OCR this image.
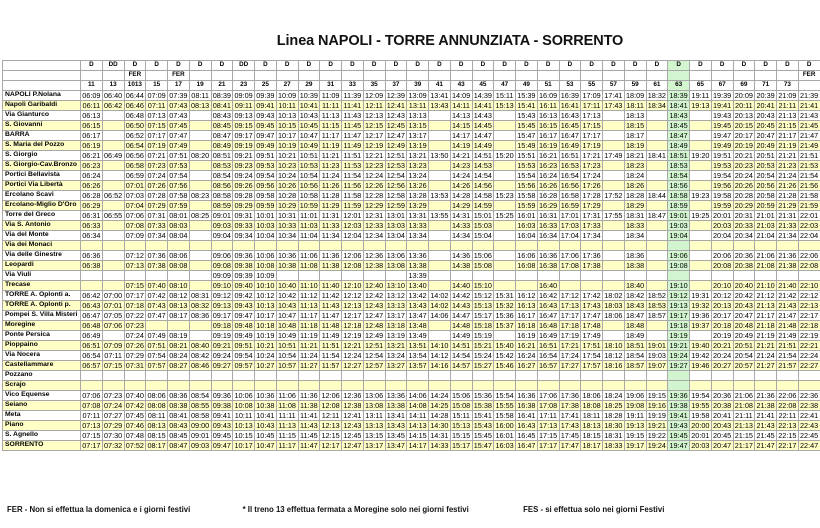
Linea NAPOLI - TORRE ANNUNZIATA - SORRENTO
	D	DD	D	D	D	D	D	DD	D	D	D	D	D	D	D	D	D	D	D	D	D	D	D	D	D	D	D	D	D	D	D	D	D	D
			FER		FER																													FER
	11	13	1013	15	17	19	21	23	25	27	29	31	33	35	37	39	41	43	45	47	49	51	53	55	57	59	61	63	65	67	69	71	73	
NAPOLI P.Nolana	06:09	06:40	06:44	07:09	07:39	08:11	08:39	09:09	09:39	10:09	10:39	11:09	11:39	12:09	12:39	13:09	13:41	14:09	14:39	15:11	15:39	16:09	16:39	17:09	17:41	18:09	18:32	18:39	19:11	19:39	20:09	20:39	21:09	21:39
Napoli Garibaldi	06:11	06:42	06:46	07:11	07:43	08:13	08:41	09:11	09:41	10:11	10:41	11:11	11:41	12:11	12:41	13:11	13:43	14:11	14:41	15:13	15:41	16:11	16:41	17:11	17:43	18:11	18:34	18:41	19:13	19:41	20:11	20:41	21:11	21:41
Via Gianturco	06:13		06:48	07:13	07:43		08:43	09:13	09:43	10:13	10:43	11:13	11:43	12:13	12:43	13:13		14:13	14:43		15:43	16:13	16:43	17:13		18:13		18:43		19:43	20:13	20:43	21:13	21:43
S. Giovanni	06:15		06:50	07:15	07:45		08:45	09:15	09:45	10:15	10:45	11:15	11:45	12:15	12:45	13:15		14:15	14:45		15:45	16:15	16:45	17:15		18:15		18:45		19:45	20:15	20:45	21:15	21:45
BARRA	06:17		06:52	07:17	07:47		08:47	09:17	09:47	10:17	10:47	11:17	11:47	12:17	12:47	13:17		14:17	14:47		15:47	16:17	16:47	17:17		18:17		18:47		19:47	20:17	20:47	21:17	21:47
S. Maria del Pozzo	06:19		06:54	07:19	07:49		08:49	09:19	09:49	10:19	10:49	11:19	11:49	12:19	12:49	13:19		14:19	14:49		15:49	16:19	16:49	17:19		18:19		18:49		19:49	20:19	20:49	21:19	21:49
S. Giorgio	06:21	06:49	06:56	07:21	07:51	08:20	08:51	09:21	09:51	10:21	10:51	11:21	11:51	12:21	12:51	13:21	13:50	14:21	14:51	15:20	15:51	16:21	16:51	17:21	17:49	18:21	18:41	18:51	19:20	19:51	20:21	20:51	21:21	21:51
S. Giorgio-Cav.Bronzo	06:23		06:58	07:23	07:53		08:53	09:23	09:53	10:23	10:53	11:23	11:53	12:23	12:53	13:23		14:23	14:53		15:53	16:23	16:53	17:23		18:23		18:53		19:53	20:23	20:53	21:23	21:53
Portici Bellavista	06:24		06:59	07:24	07:54		08:54	09:24	09:54	10:24	10:54	11:24	11:54	12:24	12:54	13:24		14:24	14:54		15:54	16:24	16:54	17:24		18:24		18:54		19:54	20:24	20:54	21:24	21:54
Portici Via Libertà	06:26		07:01	07:26	07:56		08:56	09:26	09:56	10:26	10:56	11:26	11:56	12:26	12:56	13:26		14:26	14:56		15:56	16:26	16:56	17:26		18:26		18:56		19:56	20:26	20:56	21:26	21:56
Ercolano Scavi	06:28	06:52	07:03	07:28	07:58	08:23	08:58	09:28	09:58	10:28	10:58	11:28	11:58	12:28	12:58	13:28	13:53	14:28	14:58	15:23	15:58	16:28	16:58	17:28	17:52	18:28	18:44	18:58	19:23	19:58	20:28	20:58	21:28	21:58
Ercolano-Miglio D'Oro	06:29		07:04	07:29	07:59		08:59	09:29	09:59	10:29	10:59	11:29	11:59	12:29	12:59	13:29		14:29	14:59		15:59	16:29	16:59	17:29		18:29		18:59		19:59	20:29	20:59	21:29	21:59
Torre del Greco	06:31	06:55	07:06	07:31	08:01	08:25	09:01	09:31	10:01	10:31	11:01	11:31	12:01	12:31	13:01	13:31	13:55	14:31	15:01	15:25	16:01	16:31	17:01	17:31	17:55	18:31	18:47	19:01	19:25	20:01	20:31	21:01	21:31	22:01
Via S. Antonio	06:33		07:08	07:33	08:03		09:03	09:33	10:03	10:33	11:03	11:33	12:03	12:33	13:03	13:33		14:33	15:03		16:03	16:33	17:03	17:33		18:33		19:03		20:03	20:33	21:03	21:33	22:03
Via del Monte	06:34		07:09	07:34	08:04		09:04	09:34	10:04	10:34	11:04	11:34	12:04	12:34	13:04	13:34		14:34	15:04		16:04	16:34	17:04	17:34		18:34		19:04		20:04	20:34	21:04	21:34	22:04
Via dei Monaci																																		
Via delle Ginestre	06:36		07:12	07:36	08:06		09:06	09:36	10:06	10:36	11:06	11:36	12:06	12:36	13:06	13:36		14:36	15:06		16:06	16:36	17:06	17:36		18:36		19:06		20:06	20:36	21:06	21:36	22:06
Leopardi	06:38		07:13	07:38	08:08		09:08	09:38	10:08	10:38	11:08	11:38	12:08	12:38	13:08	13:38		14:38	15:08		16:08	16:38	17:08	17:38		18:38		19:08		20:08	20:38	21:08	21:38	22:08
Via Viuli							09:09	09:39	10:09							13:39																		
Trecase			07:15	07:40	08:10		09:10	09:40	10:10	10:40	11:10	11:40	12:10	12:40	13:10	13:40		14:40	15:10			16:40				18:40		19:10		20:10	20:40	21:10	21:40	22:10
TORRE A. Oplonti a.	06:42	07:00	07:17	07:42	08:12	08:31	09:12	09:42	10:12	10:42	11:12	11:42	12:12	12:42	13:12	13:42	14:02	14:42	15:12	15:31	16:12	16:42	17:12	17:42	18:02	18:42	18:52	19:12	19:31	20:12	20:42	21:12	21:42	22:12
TORRE A. Oplonti p.	06:43	07:01	07:18	07:43	08:13	08:32	09:13	09:43	10:13	10:43	11:13	11:43	12:13	12:43	13:13	13:43	14:02	14:43	15:13	15:32	16:13	16:43	17:13	17:43	18:03	18:43	18:53	19:13	19:32	20:13	20:43	21:13	21:43	22:13
Pompei S. Villa Misteri	06:47	07:05	07:22	07:47	08:17	08:36	09:17	09:47	10:17	10:47	11:17	11:47	12:17	12:47	13:17	13:47	14:06	14:47	15:17	15:36	16:17	16:47	17:17	17:47	18:06	18:47	18:57	19:17	19:36	20:17	20:47	21:17	21:47	22:17
Moregine	06:48	07:06	07:23				09:18	09:48	10:18	10:48	11:18	11:48	12:18	12:48	13:18	13:48		14:48	15:18	15:37	16:18	16:48	17:18	17:48		18:48		19:18	19:37	20:18	20:48	21:18	21:48	22:18
Ponte Persica	06:49		07:24	07:49	08:19		09:19	09:49	10:19	10:49	11:19	11:49	12:19	12:49	13:19	13:49		14:49	15:19		16:19	16:49	17:19	17:49		18:49		19:19		20:19	20:49	21:19	21:49	22:19
Pioppaino	06:51	07:09	07:26	07:51	08:21	08:40	09:21	09:51	10:21	10:51	11:21	11:51	12:21	12:51	13:21	13:51	14:10	14:51	15:21	15:40	16:21	16:51	17:21	17:51	18:10	18:51	19:01	19:21	19:40	20:21	20:51	21:21	21:51	22:21
Via Nocera	06:54	07:11	07:29	07:54	08:24	08:42	09:24	09:54	10:24	10:54	11:24	11:54	12:24	12:54	13:24	13:54	14:12	14:54	15:24	15:42	16:24	16:54	17:24	17:54	18:12	18:54	19:03	19:24	19:42	20:24	20:54	21:24	21:54	22:24
Castellammare	06:57	07:15	07:31	07:57	08:27	08:46	09:27	09:57	10:27	10:57	11:27	11:57	12:27	12:57	13:27	13:57	14:16	14:57	15:27	15:46	16:27	16:57	17:27	17:57	18:16	18:57	19:07	19:27	19:46	20:27	20:57	21:27	21:57	22:27
Pozzano																																		
Scrajo																																		
Vico Equense	07:06	07:23	07:40	08:06	08:36	08:54	09:36	10:06	10:36	11:06	11:36	12:06	12:36	13:06	13:36	14:06	14:24	15:06	15:36	15:54	16:36	17:06	17:36	18:06	18:24	19:06	19:15	19:36	19:54	20:36	21:06	21:36	22:06	22:36
Seiano	07:08	07:24	07:42	08:08	08:38	08:55	09:38	10:08	10:38	11:08	11:38	12:08	12:38	13:08	13:38	14:08	14:25	15:08	15:38	15:55	16:38	17:08	17:38	18:08	18:25	19:08	19:16	19:38	19:55	20:38	21:08	21:38	22:08	22:38
Meta	07:11	07:27	07:45	08:11	08:41	08:58	09:41	10:11	10:41	11:11	11:41	12:11	12:41	13:11	13:41	14:11	14:28	15:11	15:41	15:58	16:41	17:11	17:41	18:11	18:28	19:11	19:19	19:41	19:58	20:41	21:11	21:41	22:11	22:41
Piano	07:13	07:29	07:46	08:13	08:43	09:00	09:43	10:13	10:43	11:13	11:43	12:13	12:43	13:13	13:43	14:13	14:30	15:13	15:43	16:00	16:43	17:13	17:43	18:13	18:30	19:13	19:21	19:43	20:00	20:43	21:13	21:43	22:13	22:43
S. Agnello	07:15	07:30	07:48	08:15	08:45	09:01	09:45	10:15	10:45	11:15	11:45	12:15	12:45	13:15	13:45	14:15	14:31	15:15	15:45	16:01	16:45	17:15	17:45	18:15	18:31	19:15	19:22	19:45	20:01	20:45	21:15	21:45	22:15	22:45
SORRENTO	07:17	07:32	07:52	08:17	08:47	09:03	09:47	10:17	10:47	11:17	11:47	12:17	12:47	13:17	13:47	14:17	14:33	15:17	15:47	16:03	16:47	17:17	17:47	18:17	18:33	19:17	19:24	19:47	20:03	20:47	21:17	21:47	22:17	22:47
FER - Non si effettua la domenica e i giorni festivi	* Il treno 13 effettua fermata a Moregine solo nei giorni festivi	FES - si effettua solo nei giorni Festivi
